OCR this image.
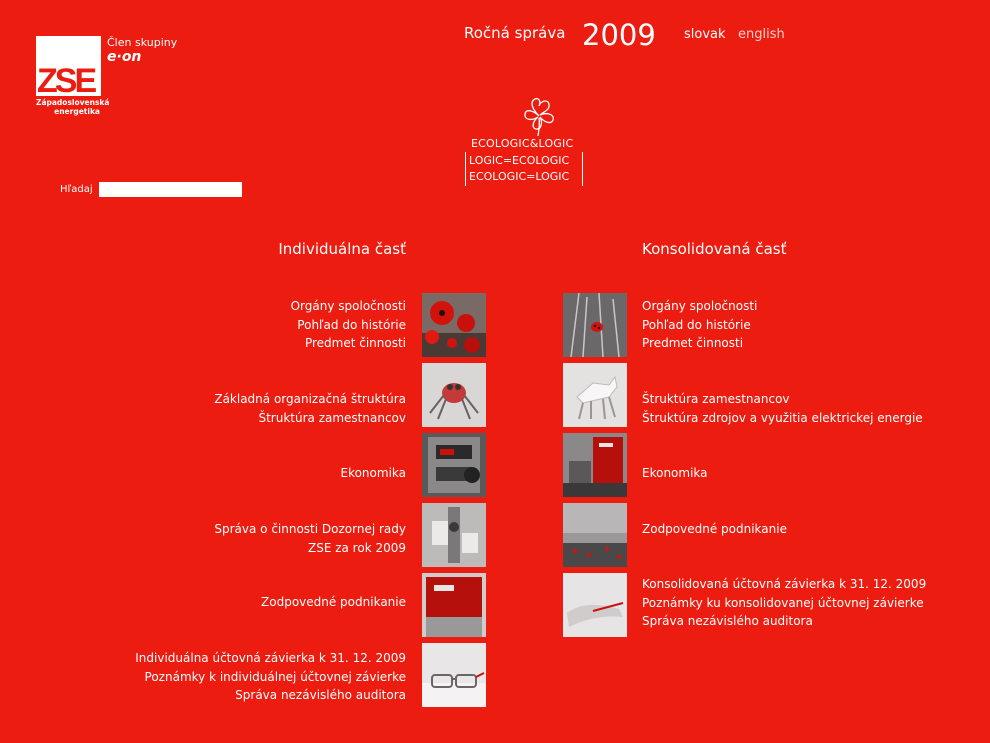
ZSE
Člen skupiny
e·on
Západoslovenská
energetika
Ročná správa 2009 slovak english
ECOLOGIC&LOGIC
LOGIC=ECOLOGIC
ECOLOGIC=LOGIC
Hľadaj
Individuálna časť	Konsolidovaná časť
Orgány spoločnosti
Pohľad do histórie
Predmet činnosti
Základná organizačná štruktúra
Štruktúra zamestnancov
Ekonomika
Správa o činnosti Dozornej rady
ZSE za rok 2009
Zodpovedné podnikanie
Individuálna účtovná závierka k 31. 12. 2009
Poznámky k individuálnej účtovnej závierke
Správa nezávislého auditora
Orgány spoločnosti
Pohľad do histórie
Predmet činnosti
Štruktúra zamestnancov
Štruktúra zdrojov a využitia elektrickej energie
Ekonomika
Zodpovedné podnikanie
Konsolidovaná účtovná závierka k 31. 12. 2009
Poznámky ku konsolidovanej účtovnej závierke
Správa nezávislého auditora
